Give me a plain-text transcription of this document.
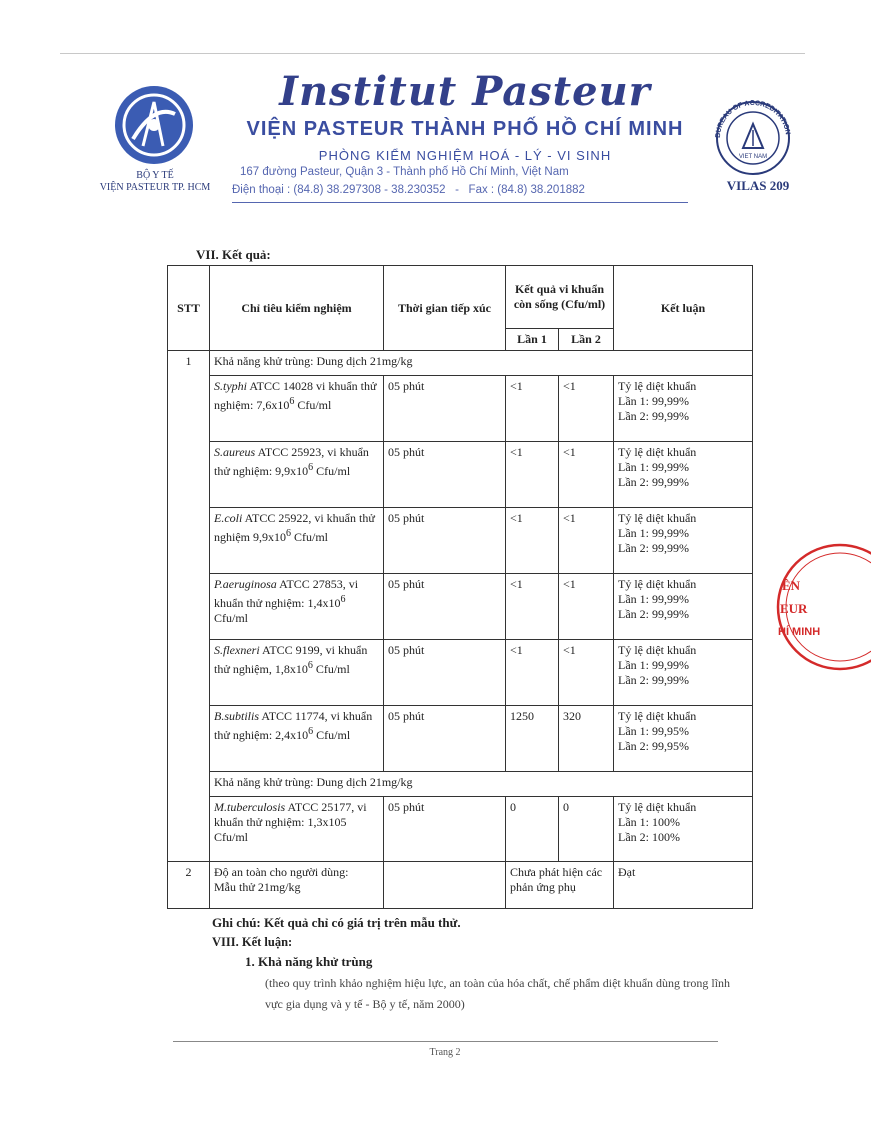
BỘ Y TẾ
VIỆN PASTEUR TP. HCM
BUREAU OF ACCREDITATION
VIET NAM
VILAS 209
Institut Pasteur
VIỆN PASTEUR THÀNH PHỐ HỒ CHÍ MINH
PHÒNG KIỂM NGHIỆM HOÁ - LÝ - VI SINH
167 đường Pasteur, Quận 3 - Thành phố Hồ Chí Minh, Việt Nam
Điện thoại : (84.8) 38.297308 - 38.230352   -   Fax : (84.8) 38.201882
VII. Kết quả:
STT	Chỉ tiêu kiểm nghiệm	Thời gian tiếp xúc	Kết quả vi khuẩn còn sống (Cfu/ml)		Kết luận
			Lần 1	Lần 2	
1	Khả năng khử trùng: Dung dịch 21mg/kg				
	S.typhi ATCC 14028 vi khuẩn thử nghiệm: $7,6x10^6$ Cfu/ml	05 phút	<1	<1	Tỷ lệ diệt khuẩn
Lần 1: 99,99%
Lần 2: 99,99%

	S.aureus ATCC 25923, vi khuẩn thử nghiệm: $9,9x10^6$ Cfu/ml	05 phút	<1	<1	Tỷ lệ diệt khuẩn
Lần 1: 99,99%
Lần 2: 99,99%

	E.coli ATCC 25922, vi khuẩn thử nghiệm $9,9x10^6$ Cfu/ml	05 phút	<1	<1	Tỷ lệ diệt khuẩn
Lần 1: 99,99%
Lần 2: 99,99%

	P.aeruginosa ATCC 27853, vi khuẩn thử nghiệm: $1,4x10^6$ Cfu/ml	05 phút	<1	<1	Tỷ lệ diệt khuẩn
Lần 1: 99,99%
Lần 2: 99,99%

	S.flexneri ATCC 9199, vi khuẩn thử nghiệm, $1,8x10^6$ Cfu/ml	05 phút	<1	<1	Tỷ lệ diệt khuẩn
Lần 1: 99,99%
Lần 2: 99,99%

	B.subtilis ATCC 11774, vi khuẩn thử nghiệm: $2,4x10^6$ Cfu/ml	05 phút	1250	320	Tỷ lệ diệt khuẩn
Lần 1: 99,95%
Lần 2: 99,95%

	Khả năng khử trùng: Dung dịch 21mg/kg				
	M.tuberculosis ATCC 25177, vi khuẩn thử nghiệm: 1,3x105 Cfu/ml	05 phút	0	0	Tỷ lệ diệt khuẩn
Lần 1: 100%
Lần 2: 100%

2	Độ an toàn cho người dùng:
Mẫu thử 21mg/kg		Chưa phát hiện các phản ứng phụ		Đạt
Ghi chú: Kết quả chỉ có giá trị trên mẫu thử.
VIII. Kết luận:
1. Khả năng khử trùng
(theo quy trình khảo nghiệm hiệu lực, an toàn của hóa chất, chế phẩm diệt khuẩn dùng trong lĩnh vực gia dụng và y tế - Bộ y tế, năm 2000)
Trang 2
ÊN
EUR
HÍ MINH
